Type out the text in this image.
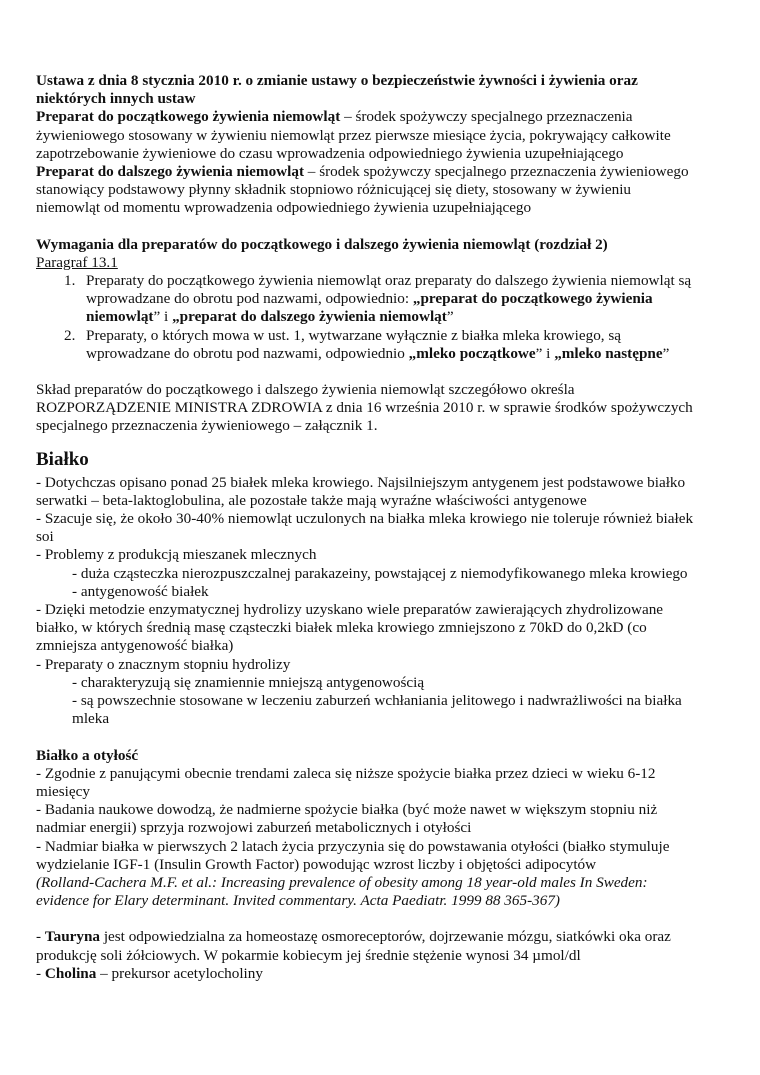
Ustawa z dnia 8 stycznia 2010 r. o zmianie ustawy o bezpieczeństwie żywności i żywienia oraz niektórych innych ustaw

Preparat do początkowego żywienia niemowląt – środek spożywczy specjalnego przeznaczenia żywieniowego stosowany w żywieniu niemowląt przez pierwsze miesiące życia, pokrywający całkowite zapotrzebowanie żywieniowe do czasu wprowadzenia odpowiedniego żywienia uzupełniającego

Preparat do dalszego żywienia niemowląt – środek spożywczy specjalnego przeznaczenia żywieniowego stanowiący podstawowy płynny składnik stopniowo różnicującej się diety, stosowany w żywieniu niemowląt od momentu wprowadzenia odpowiedniego żywienia uzupełniającego

Wymagania dla preparatów do początkowego i dalszego żywienia niemowląt (rozdział 2)

Paragraf 13.1

1. Preparaty do początkowego żywienia niemowląt oraz preparaty do dalszego żywienia niemowląt są wprowadzane do obrotu pod nazwami, odpowiednio: „preparat do początkowego żywienia niemowląt” i „preparat do dalszego żywienia niemowląt”
2. Preparaty, o których mowa w ust. 1, wytwarzane wyłącznie z białka mleka krowiego, są wprowadzane do obrotu pod nazwami, odpowiednio „mleko początkowe” i „mleko następne”

Skład preparatów do początkowego i dalszego żywienia niemowląt szczegółowo określa ROZPORZĄDZENIE MINISTRA ZDROWIA z dnia 16 września 2010 r. w sprawie środków spożywczych specjalnego przeznaczenia żywieniowego – załącznik 1.

Białko

- Dotychczas opisano ponad 25 białek mleka krowiego. Najsilniejszym antygenem jest podstawowe białko serwatki – beta-laktoglobulina, ale pozostałe także mają wyraźne właściwości antygenowe

- Szacuje się, że około 30-40% niemowląt uczulonych na białka mleka krowiego nie toleruje również białek soi

- Problemy z produkcją mieszanek mlecznych

- duża cząsteczka nierozpuszczalnej parakazeiny, powstającej z niemodyfikowanego mleka krowiego

- antygenowość białek

- Dzięki metodzie enzymatycznej hydrolizy uzyskano wiele preparatów zawierających zhydrolizowane białko, w których średnią masę cząsteczki białek mleka krowiego zmniejszono z 70kD do 0,2kD (co zmniejsza antygenowość białka)

- Preparaty o znacznym stopniu hydrolizy

- charakteryzują się znamiennie mniejszą antygenowością

- są powszechnie stosowane w leczeniu zaburzeń wchłaniania jelitowego i nadwrażliwości na białka mleka

Białko a otyłość

- Zgodnie z panującymi obecnie trendami zaleca się niższe spożycie białka przez dzieci w wieku 6-12 miesięcy

- Badania naukowe dowodzą, że nadmierne spożycie białka (być może nawet w większym stopniu niż nadmiar energii) sprzyja rozwojowi zaburzeń metabolicznych i otyłości

- Nadmiar białka w pierwszych 2 latach życia przyczynia się do powstawania otyłości (białko stymuluje wydzielanie IGF-1 (Insulin Growth Factor) powodując wzrost liczby i objętości adipocytów

(Rolland-Cachera M.F. et al.: Increasing prevalence of obesity among 18 year-old males In Sweden: evidence for Elary determinant. Invited commentary. Acta Paediatr. 1999 88 365-367)

- Tauryna jest odpowiedzialna za homeostazę osmoreceptorów, dojrzewanie mózgu, siatkówki oka oraz produkcję soli żółciowych. W pokarmie kobiecym jej średnie stężenie wynosi 34 µmol/dl

- Cholina – prekursor acetylocholiny
